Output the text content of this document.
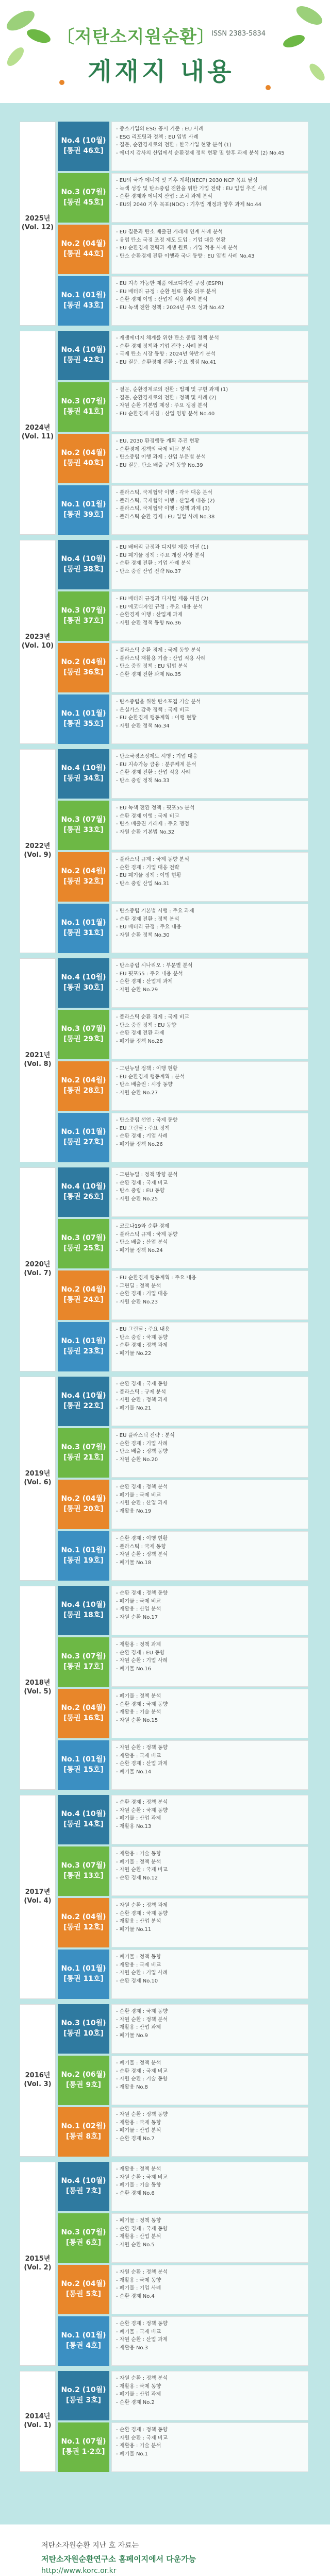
〔저탄소지원순환〕
ISSN 2383-5834
게재지 내용
2025년
(Vol. 12)
No.4 (10월)
[통권 46호]
- 중소기업의 ESG 공시 기준 : EU 사례
- ESG 리포팅과 정책 : EU 입법 사례
- 질문, 순환경제로의 전환 : 한국기업 현황 분석 (1)
- 에너지 감사의 산업에서 순환경제 정책 현황 및 향후 과제 분석 (2) No.45
No.3 (07월)
[통권 45호]
- EU의 국가 에너지 및 기후 계획(NECP) 2030 NCP 목표 달성
- 녹색 성장 및 탄소중립 전환을 위한 기업 전략 : EU 입법 추진 사례
- 순환 경제와 에너지 산업 : 조치 과제 분석
- EU의 2040 기후 목표(NDC) : 기후법 개정과 향후 과제 No.44
No.2 (04월)
[통권 44호]
- EU 질문과 탄소 배출권 거래제 연계 사례 분석
- 유럽 탄소 국경 조정 제도 도입 : 기업 대응 현황
- EU 순환경제 전략과 재생 원료 : 기업 적용 사례 분석
- 탄소 순환경제 전환 이행과 국내 동향 : EU 입법 사례 No.43
No.1 (01월)
[통권 43호]
- EU 지속 가능한 제품 에코디자인 규정 (ESPR)
- EU 배터리 규정 : 순환 원료 활용 의무 분석
- 순환 경제 이행 : 산업계 적용 과제 분석
- EU 녹색 전환 정책 : 2024년 주요 성과 No.42
2024년
(Vol. 11)
No.4 (10월)
[통권 42호]
- 재생에너지 체계를 위한 탄소 중립 정책 분석
- 순환 경제 정책과 기업 전략 : 사례 분석
- 국제 탄소 시장 동향 : 2024년 하반기 분석
- EU 질문, 순환경제 전환 : 주요 쟁점 No.41
No.3 (07월)
[통권 41호]
- 질문, 순환경제로의 전환 : 법제 및 구현 과제 (1)
- 질문, 순환경제로의 전환 : 정책 및 사례 (2)
- 자원 순환 기본법 제정 : 주요 쟁점 분석
- EU 순환경제 지침 : 산업 영향 분석 No.40
No.2 (04월)
[통권 40호]
- EU, 2030 환경행동 계획 추진 현황
- 순환경제 정책의 국제 비교 분석
- 탄소중립 이행 과제 : 산업 부문별 분석
- EU 질문, 탄소 배출 규제 동향 No.39
No.1 (01월)
[통권 39호]
- 플라스틱, 국제협약 이행 : 각국 대응 분석
- 플라스틱, 국제협약 이행 : 산업계 대응 (2)
- 플라스틱, 국제협약 이행 : 정책 과제 (3)
- 플라스틱 순환 경제 : EU 입법 사례 No.38
2023년
(Vol. 10)
No.4 (10월)
[통권 38호]
- EU 배터리 규정과 디지털 제품 여권 (1)
- EU 폐기물 정책 : 주요 개정 사항 분석
- 순환 경제 전환 : 기업 사례 분석
- 탄소 중립 산업 전략 No.37
No.3 (07월)
[통권 37호]
- EU 배터리 규정과 디지털 제품 여권 (2)
- EU 에코디자인 규정 : 주요 내용 분석
- 순환경제 이행 : 산업계 과제
- 자원 순환 정책 동향 No.36
No.2 (04월)
[통권 36호]
- 플라스틱 순환 경제 : 국제 동향 분석
- 플라스틱 재활용 기술 : 산업 적용 사례
- 탄소 중립 정책 : EU 입법 분석
- 순환 경제 전환 과제 No.35
No.1 (01월)
[통권 35호]
- 탄소중립을 위한 탄소포집 기술 분석
- 온실가스 감축 정책 : 국제 비교
- EU 순환경제 행동계획 : 이행 현황
- 자원 순환 정책 No.34
2022년
(Vol. 9)
No.4 (10월)
[통권 34호]
- 탄소국경조정제도 시행 : 기업 대응
- EU 지속가능 금융 : 분류체계 분석
- 순환 경제 전환 : 산업 적용 사례
- 탄소 중립 정책 No.33
No.3 (07월)
[통권 33호]
- EU 녹색 전환 정책 : 핏포55 분석
- 순환 경제 이행 : 국제 비교
- 탄소 배출권 거래제 : 주요 쟁점
- 자원 순환 기본법 No.32
No.2 (04월)
[통권 32호]
- 플라스틱 규제 : 국제 동향 분석
- 순환 경제 : 기업 대응 전략
- EU 폐기물 정책 : 이행 현황
- 탄소 중립 산업 No.31
No.1 (01월)
[통권 31호]
- 탄소중립 기본법 시행 : 주요 과제
- 순환 경제 전환 : 정책 분석
- EU 배터리 규정 : 주요 내용
- 자원 순환 정책 No.30
2021년
(Vol. 8)
No.4 (10월)
[통권 30호]
- 탄소중립 시나리오 : 부문별 분석
- EU 핏포55 : 주요 내용 분석
- 순환 경제 : 산업계 과제
- 자원 순환 No.29
No.3 (07월)
[통권 29호]
- 플라스틱 순환 경제 : 국제 비교
- 탄소 중립 정책 : EU 동향
- 순환 경제 전환 과제
- 폐기물 정책 No.28
No.2 (04월)
[통권 28호]
- 그린뉴딜 정책 : 이행 현황
- EU 순환경제 행동계획 : 분석
- 탄소 배출권 : 시장 동향
- 자원 순환 No.27
No.1 (01월)
[통권 27호]
- 탄소중립 선언 : 국제 동향
- EU 그린딜 : 주요 정책
- 순환 경제 : 기업 사례
- 폐기물 정책 No.26
2020년
(Vol. 7)
No.4 (10월)
[통권 26호]
- 그린뉴딜 : 정책 방향 분석
- 순환 경제 : 국제 비교
- 탄소 중립 : EU 동향
- 자원 순환 No.25
No.3 (07월)
[통권 25호]
- 코로나19와 순환 경제
- 플라스틱 규제 : 국제 동향
- 탄소 배출 : 산업 분석
- 폐기물 정책 No.24
No.2 (04월)
[통권 24호]
- EU 순환경제 행동계획 : 주요 내용
- 그린딜 : 정책 분석
- 순환 경제 : 기업 대응
- 자원 순환 No.23
No.1 (01월)
[통권 23호]
- EU 그린딜 : 주요 내용
- 탄소 중립 : 국제 동향
- 순환 경제 : 정책 과제
- 폐기물 No.22
2019년
(Vol. 6)
No.4 (10월)
[통권 22호]
- 순환 경제 : 국제 동향
- 플라스틱 : 규제 분석
- 자원 순환 : 정책 과제
- 폐기물 No.21
No.3 (07월)
[통권 21호]
- EU 플라스틱 전략 : 분석
- 순환 경제 : 기업 사례
- 탄소 배출 : 정책 동향
- 자원 순환 No.20
No.2 (04월)
[통권 20호]
- 순환 경제 : 정책 분석
- 폐기물 : 국제 비교
- 자원 순환 : 산업 과제
- 재활용 No.19
No.1 (01월)
[통권 19호]
- 순환 경제 : 이행 현황
- 플라스틱 : 국제 동향
- 자원 순환 : 정책 분석
- 폐기물 No.18
2018년
(Vol. 5)
No.4 (10월)
[통권 18호]
- 순환 경제 : 정책 동향
- 폐기물 : 국제 비교
- 재활용 : 산업 분석
- 자원 순환 No.17
No.3 (07월)
[통권 17호]
- 재활용 : 정책 과제
- 순환 경제 : EU 동향
- 자원 순환 : 기업 사례
- 폐기물 No.16
No.2 (04월)
[통권 16호]
- 폐기물 : 정책 분석
- 순환 경제 : 국제 동향
- 재활용 : 기술 분석
- 자원 순환 No.15
No.1 (01월)
[통권 15호]
- 자원 순환 : 정책 동향
- 재활용 : 국제 비교
- 순환 경제 : 산업 과제
- 폐기물 No.14
2017년
(Vol. 4)
No.4 (10월)
[통권 14호]
- 순환 경제 : 정책 분석
- 자원 순환 : 국제 동향
- 폐기물 : 산업 과제
- 재활용 No.13
No.3 (07월)
[통권 13호]
- 재활용 : 기술 동향
- 폐기물 : 정책 분석
- 자원 순환 : 국제 비교
- 순환 경제 No.12
No.2 (04월)
[통권 12호]
- 자원 순환 : 정책 과제
- 순환 경제 : 국제 동향
- 재활용 : 산업 분석
- 폐기물 No.11
No.1 (01월)
[통권 11호]
- 폐기물 : 정책 동향
- 재활용 : 국제 비교
- 자원 순환 : 기업 사례
- 순환 경제 No.10
2016년
(Vol. 3)
No.3 (10월)
[통권 10호]
- 순환 경제 : 국제 동향
- 자원 순환 : 정책 분석
- 재활용 : 산업 과제
- 폐기물 No.9
No.2 (06월)
[통권 9호]
- 폐기물 : 정책 분석
- 순환 경제 : 국제 비교
- 자원 순환 : 기술 동향
- 재활용 No.8
No.1 (02월)
[통권 8호]
- 자원 순환 : 정책 동향
- 재활용 : 국제 동향
- 폐기물 : 산업 분석
- 순환 경제 No.7
2015년
(Vol. 2)
No.4 (10월)
[통권 7호]
- 재활용 : 정책 분석
- 자원 순환 : 국제 비교
- 폐기물 : 기술 동향
- 순환 경제 No.6
No.3 (07월)
[통권 6호]
- 폐기물 : 정책 동향
- 순환 경제 : 국제 동향
- 재활용 : 산업 분석
- 자원 순환 No.5
No.2 (04월)
[통권 5호]
- 자원 순환 : 정책 분석
- 재활용 : 국제 동향
- 폐기물 : 기업 사례
- 순환 경제 No.4
No.1 (01월)
[통권 4호]
- 순환 경제 : 정책 동향
- 폐기물 : 국제 비교
- 자원 순환 : 산업 과제
- 재활용 No.3
2014년
(Vol. 1)
No.2 (10월)
[통권 3호]
- 자원 순환 : 정책 분석
- 재활용 : 국제 동향
- 폐기물 : 산업 과제
- 순환 경제 No.2
No.1 (07월)
[통권 1·2호]
- 순환 경제 : 정책 동향
- 자원 순환 : 국제 비교
- 재활용 : 기술 분석
- 폐기물 No.1
저탄소자원순환 지난 호 자료는
저탄소자원순환연구소 홈페이지에서 다운가능
http://www.korc.or.kr
